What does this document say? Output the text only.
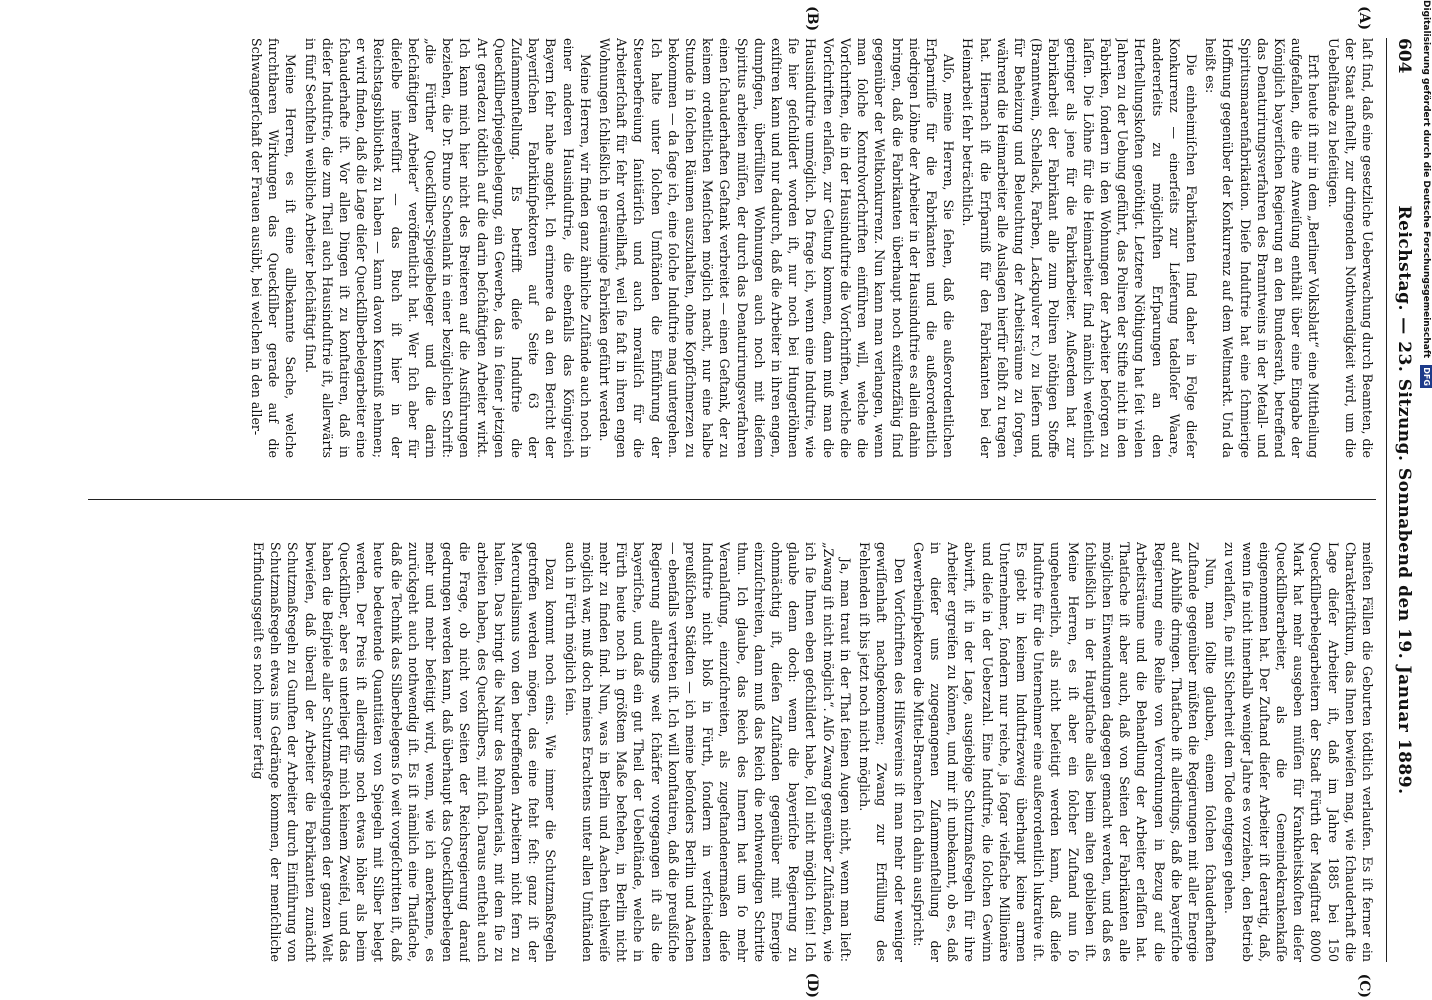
604
Reichstag. — 23. Sitzung. Sonnabend den 19. Januar 1889.
(A)
(B)
(C)
(D)

laſt ſind, daß eine gesetzliche Ueberwachung durch Beamten, die der Staat anſtellt, zur dringenden Nothwendigkeit wird, um die Uebelſtände zu beſeitigen.

Erſt heute iſt mir in dem „Berliner Volksblatt“ eine Mittheilung aufgefallen, die eine Anweiſung enthält über eine Eingabe der Königlich bayeriſchen Regierung an den Bundesrath, betreffend das Denaturirungsverfahren des Branntweins in der Metall- und Spiritusmaarenfabrikation. Dieſe Induſtrie hat eine ſchmierige Hoffnung gegenüber der Konkurrenz auf dem Weltmarkt. Und da heißt es:

Die einheimiſchen Fabrikanten ſind daher in Folge dieſer Konkurrenz — einerſeits zur Lieferung tadelloſer Waare, andererſeits zu möglichſten Erſparungen an den Herſtellungskoſten genöthigt. Letztere Nöthigung hat ſeit vielen Jahren zu der Uebung geführt, das Poliren der Stifte nicht in den Fabriken, ſondern in den Wohnungen der Arbeiter beſorgen zu laſſen. Die Löhne für die Heimarbeiter ſind nämlich weſentlich geringer als jene für die Fabrikarbeiter. Außerdem hat zur Fabrikarbeit der Fabrikant alle zum Poliren nöthigen Stoffe (Branntwein, Schellack, Farben, Lackpulver rc.) zu liefern und für Beheizung und Beleuchtung der Arbeitsräume zu ſorgen, während die Heimarbeiter alle Auslagen hierfür ſelbſt zu tragen hat. Hiernach iſt die Erſparniß für den Fabrikanten bei der Heimarbeit ſehr beträchtlich.

Alſo, meine Herren, Sie ſehen, daß die außerordentlichen Erſparniſſe für die Fabrikanten und die außerordentlich niedrigen Löhne der Arbeiter in der Hausinduſtrie es allein dahin bringen, daß die Fabrikanten überhaupt noch exiſtenzfähig ſind gegenüber der Weltkonkurrenz. Nun kann man verlangen, wenn man ſolche Kontrolvorſchriften einführen will, welche die Vorſchriften, die in der Hausinduſtrie die Vorſchriften, welche die Vorſchriften erlaſſen, zur Geltung kommen, dann muß man die Hausinduſtrie unmöglich. Da frage ich, wenn eine Induſtrie, wie ſie hier geſchildert worden iſt, nur noch bei Hungerlöhnen exiſtiren kann und nur dadurch, daß die Arbeiter in ihren engen, dumpfigen, überfüllten Wohnungen auch noch mit dieſem Spiritus arbeiten müſſen, der durch das Denaturirungsverfahren einen ſchauderhaften Geſtank verbreitet — einen Geſtank, der zu keinem ordentlichen Menſchen möglich macht, nur eine halbe Stunde in ſolchen Räumen auszuhalten, ohne Kopfſchmerzen zu bekommen — da ſage ich, eine ſolche Induſtrie mag untergehen. Ich halte unter ſolchen Umſtänden die Einführung der Steuerbefreiung ſanitäriſch und auch moraliſch für die Arbeiterſchaft für ſehr vortheilhaft, weil ſie faſt in ihren engen Wohnungen ſchließlich in geräumige Fabriken geführt werden.

Meine Herren, wir finden ganz ähnliche Zuſtände auch noch in einer anderen Hausinduſtrie, die ebenfalls das Königreich Bayern ſehr nahe angeht. Ich erinnere da an den Bericht der bayeriſchen Fabrikinſpektoren auf Seite 63 der Zuſammenſtellung. Es betrifft dieſe Induſtrie die Queckſilberſpiegelbelegung, ein Gewerbe, das in ſeiner jetzigen Art geradezu tödtlich auf die darin beſchäftigten Arbeiter wirkt. Ich kann mich hier nicht des Breiteren auf die Ausführungen beziehen, die Dr. Bruno Schoenlank in einer bezüglichen Schrift: „die Fürther Queckſilber-Spiegelbeleger und die darin beſchäftigten Arbeiter“ veröffentlicht hat. Wer ſich aber für dieſelbe intereſſirt — das Buch iſt hier in der Reichstagsbibliothek zu haben — kann davon Kenntniß nehmen; er wird finden, daß die Lage dieſer Queckſilberbelegarbeiter eine ſchauderhafte iſt. Vor allen Dingen iſt zu konſtatiren, daß in dieſer Induſtrie, die zum Theil auch Hausinduſtrie iſt, allerwärts in fünf Sechſteln weibliche Arbeiter beſchäftigt ſind.

Meine Herren, es iſt eine allbekannte Sache, welche furchtbaren Wirkungen das Queckſilber gerade auf die Schwangerſchaft der Frauen ausübt, bei welchen in den aller-

meiſten Fällen die Geburten tödtlich verlaufen. Es iſt ferner ein Charakteriſtikum, das Ihnen bewieſen mag, wie ſchauderhaft die Lage dieſer Arbeiter iſt, daß im Jahre 1885 bei 150 Queckſilberbelegarbeitern der Stadt Fürth der Magiſtrat 8000 Mark hat mehr ausgeben müſſen für Krankheitskoſten dieſer Queckſilberarbeiter, als die Gemeindekrankenkaſſe eingenommen hat. Der Zuſtand dieſer Arbeiter iſt derartig, daß, wenn ſie nicht innerhalb weniger Jahre es vorziehen, den Betrieb zu verlaſſen, ſie mit Sicherheit dem Tode entgegen gehen.

Nun, man ſollte glauben, einem ſolchen ſchauderhaften Zuſtande gegenüber müßten die Regierungen mit aller Energie auf Abhilfe dringen. Thatſache iſt allerdings, daß die bayeriſche Regierung eine Reihe von Verordnungen in Bezug auf die Arbeitsräume und die Behandlung der Arbeiter erlaſſen hat. Thatſache iſt aber auch, daß von Seiten der Fabrikanten alle möglichen Einwendungen dagegen gemacht werden, und daß es ſchließlich in der Hauptſache alles beim alten geblieben iſt. Meine Herren, es iſt aber ein ſolcher Zuſtand nun ſo ungeheuerlich, als nicht beſeitigt werden kann, daß dieſe Induſtrie für die Unternehmer eine außerordentlich lukrative iſt. Es giebt in keinem Induſtriezweig überhaupt keine armen Unternehmer, ſondern nur reiche, ja ſogar vielfache Millionäre und dieſe in der Ueberzahl. Eine Induſtrie, die ſolchen Gewinn abwirft, iſt in der Lage, ausgiebige Schutzmaßregeln für ihre Arbeiter ergreifen zu können, und mir iſt unbekannt, ob es, daß in dieſer uns zugegangenen Zuſammenſtellung der Gewerbeinſpektoren die Mittel-Branchen ſich dahin ausſpricht:

Den Vorſchriften des Hilfsvereins iſt man mehr oder weniger gewiſſenhaft nachgekommen; Zwang zur Erfüllung des Fehlenden iſt bis jetzt noch nicht möglich.

Ja, man traut in der That ſeinen Augen nicht, wenn man lieſt: „Zwang iſt nicht möglich“. Alſo Zwang gegenüber Zuſtänden, wie ich ſie Ihnen eben geſchildert habe, ſoll nicht möglich ſein! Ich glaube denn doch: wenn die bayeriſche Regierung zu ohnmächtig iſt, dieſen Zuſtänden gegenüber mit Energie einzuſchreiten, dann muß das Reich die nothwendigen Schritte thun. Ich glaube, das Reich des Innern hat um ſo mehr Veranlaſſung, einzuſchreiten, als zugeſtandenermaßen dieſe Induſtrie nicht bloß in Fürth, ſondern in verſchiedenen preußiſchen Städten — ich meine beſonders Berlin und Aachen — ebenfalls vertreten iſt. Ich will konſtatiren, daß die preußiſche Regierung allerdings weit ſchärfer vorgegangen iſt als die bayeriſche, und daß ein gut Theil der Uebelſtände, welche in Fürth heute noch in größtem Maße beſtehen, in Berlin nicht mehr zu finden ſind. Nun, was in Berlin und Aachen theilweiſe möglich war, muß doch meines Erachtens unter allen Umſtänden auch in Fürth möglich ſein.

Dazu kommt noch eins. Wie immer die Schutzmaßregeln getroffen werden mögen, das eine ſteht feſt: ganz iſt der Mercurialismus von den betreffenden Arbeitern nicht fern zu halten. Das bringt die Natur des Rohmaterials, mit dem ſie zu arbeiten haben, des Queckſilbers, mit ſich. Daraus entſteht auch die Frage, ob nicht von Seiten der Reichsregierung darauf gedrungen werden kann, daß überhaupt das Queckſilberbelegen mehr und mehr beſeitigt wird, wenn, wie ich anerkenne, es zurückgeht auch nothwendig iſt. Es iſt nämlich eine Thatſache, daß die Technik das Silberbelegens ſo weit vorgeſchritten iſt, daß heute bedeutende Quantitäten von Spiegeln mit Silber belegt werden. Der Preis iſt allerdings noch etwas höher als beim Queckſilber, aber es unterliegt für mich keinem Zweifel, und das haben die Beiſpiele aller Schutzmaßregelungen der ganzen Welt bewieſen, daß überall der Arbeiter die Fabrikanten zunächſt Schutzmaßregeln zu Gunſten der Arbeiter durch Einführung von Schutzmaßregeln etwas ins Gedränge kommen, der menſchliche Erfindungsgeiſt es noch immer fertig

Digitalisierung gefördert durch die Deutsche Forschungsgemeinschaft DFG
